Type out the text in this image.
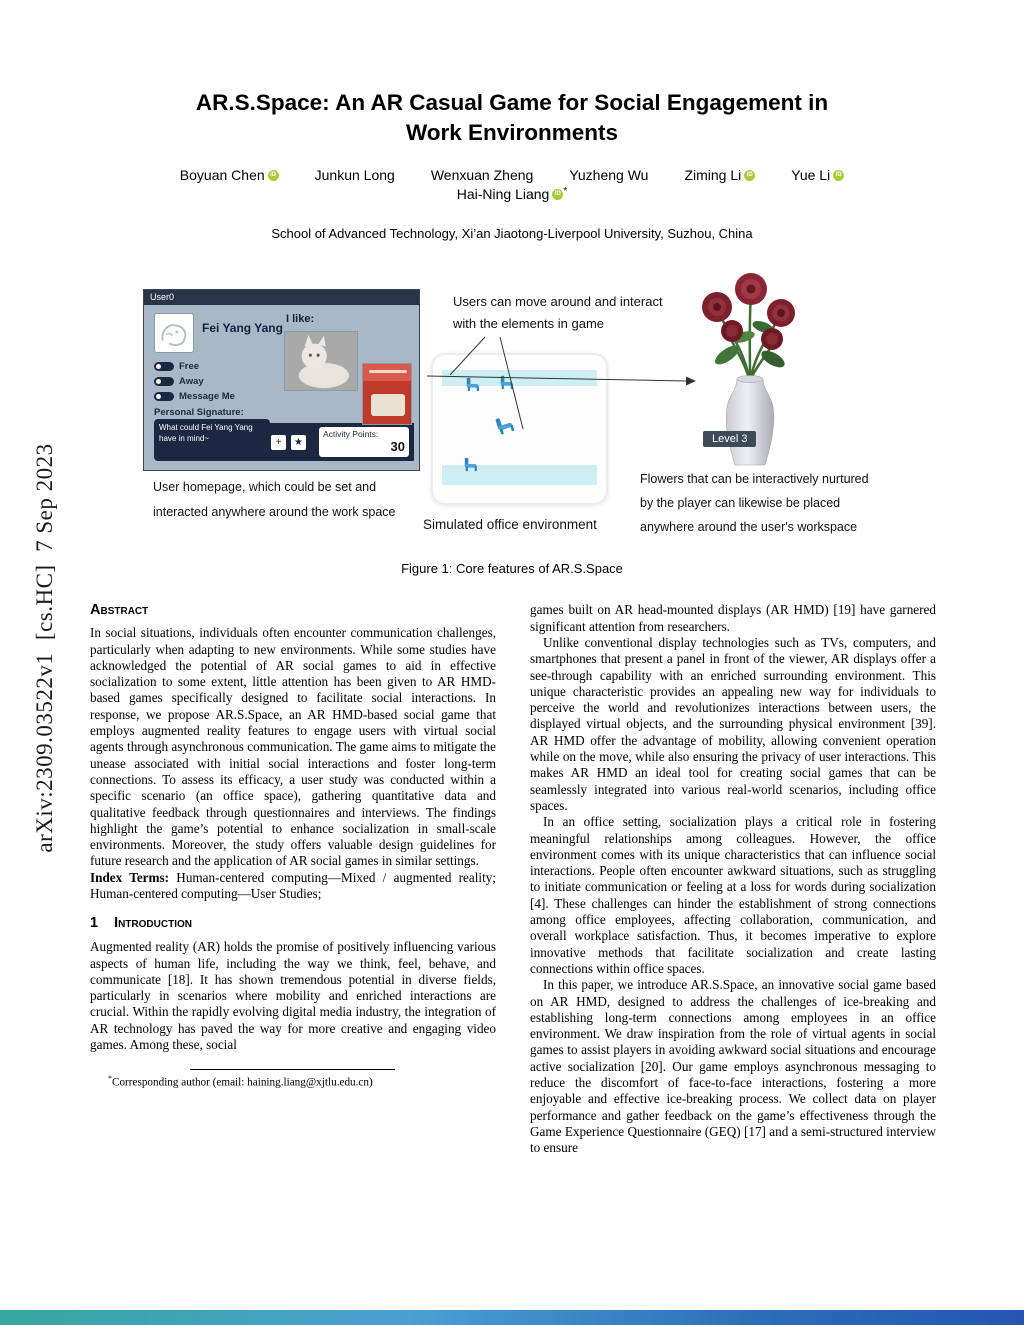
arXiv:2309.03522v1  [cs.HC]  7 Sep 2023
AR.S.Space: An AR Casual Game for Social Engagement in Work Environments
Boyuan Chen iD	Junkun Long	Wenxuan Zheng	Yuzheng Wu	Ziming Li iD	Yue Li iD
Hai-Ning Liang iD *
School of Advanced Technology, Xi’an Jiaotong-Liverpool University, Suzhou, China
User0
Fei Yang Yang
I like:
Free
Away
Message Me
Personal Signature:
What could Fei Yang Yang have in mind~	+	★
Activity Points:
30
Users can move around and interact
with the elements in game
Level 3
User homepage, which could be set and
interacted anywhere around the work space
Flowers that can be interactively nurtured
by the player can likewise be placed
anywhere around the user's workspace
Simulated office environment
Figure 1: Core features of AR.S.Space
Abstract

In social situations, individuals often encounter communication challenges, particularly when adapting to new environments. While some studies have acknowledged the potential of AR social games to aid in effective socialization to some extent, little attention has been given to AR HMD-based games specifically designed to facilitate social interactions. In response, we propose AR.S.Space, an AR HMD-based social game that employs augmented reality features to engage users with virtual social agents through asynchronous communication. The game aims to mitigate the unease associated with initial social interactions and foster long-term connections. To assess its efficacy, a user study was conducted within a specific scenario (an office space), gathering quantitative data and qualitative feedback through questionnaires and interviews. The findings highlight the game’s potential to enhance socialization in small-scale environments. Moreover, the study offers valuable design guidelines for future research and the application of AR social games in similar settings.

Index Terms: Human-centered computing—Mixed / augmented reality; Human-centered computing—User Studies;

1 Introduction

Augmented reality (AR) holds the promise of positively influencing various aspects of human life, including the way we think, feel, behave, and communicate [18]. It has shown tremendous potential in diverse fields, particularly in scenarios where mobility and enriched interactions are crucial. Within the rapidly evolving digital media industry, the integration of AR technology has paved the way for more creative and engaging video games. Among these, social

*Corresponding author (email: haining.liang@xjtlu.edu.cn)

games built on AR head-mounted displays (AR HMD) [19] have garnered significant attention from researchers.

Unlike conventional display technologies such as TVs, computers, and smartphones that present a panel in front of the viewer, AR displays offer a see-through capability with an enriched surrounding environment. This unique characteristic provides an appealing new way for individuals to perceive the world and revolutionizes interactions between users, the displayed virtual objects, and the surrounding physical environment [39]. AR HMD offer the advantage of mobility, allowing convenient operation while on the move, while also ensuring the privacy of user interactions. This makes AR HMD an ideal tool for creating social games that can be seamlessly integrated into various real-world scenarios, including office spaces.

In an office setting, socialization plays a critical role in fostering meaningful relationships among colleagues. However, the office environment comes with its unique characteristics that can influence social interactions. People often encounter awkward situations, such as struggling to initiate communication or feeling at a loss for words during socialization [4]. These challenges can hinder the establishment of strong connections among office employees, affecting collaboration, communication, and overall workplace satisfaction. Thus, it becomes imperative to explore innovative methods that facilitate socialization and create lasting connections within office spaces.

In this paper, we introduce AR.S.Space, an innovative social game based on AR HMD, designed to address the challenges of ice-breaking and establishing long-term connections among employees in an office environment. We draw inspiration from the role of virtual agents in social games to assist players in avoiding awkward social situations and encourage active socialization [20]. Our game employs asynchronous messaging to reduce the discomfort of face-to-face interactions, fostering a more enjoyable and effective ice-breaking process. We collect data on player performance and gather feedback on the game’s effectiveness through the Game Experience Questionnaire (GEQ) [17] and a semi-structured interview to ensure
